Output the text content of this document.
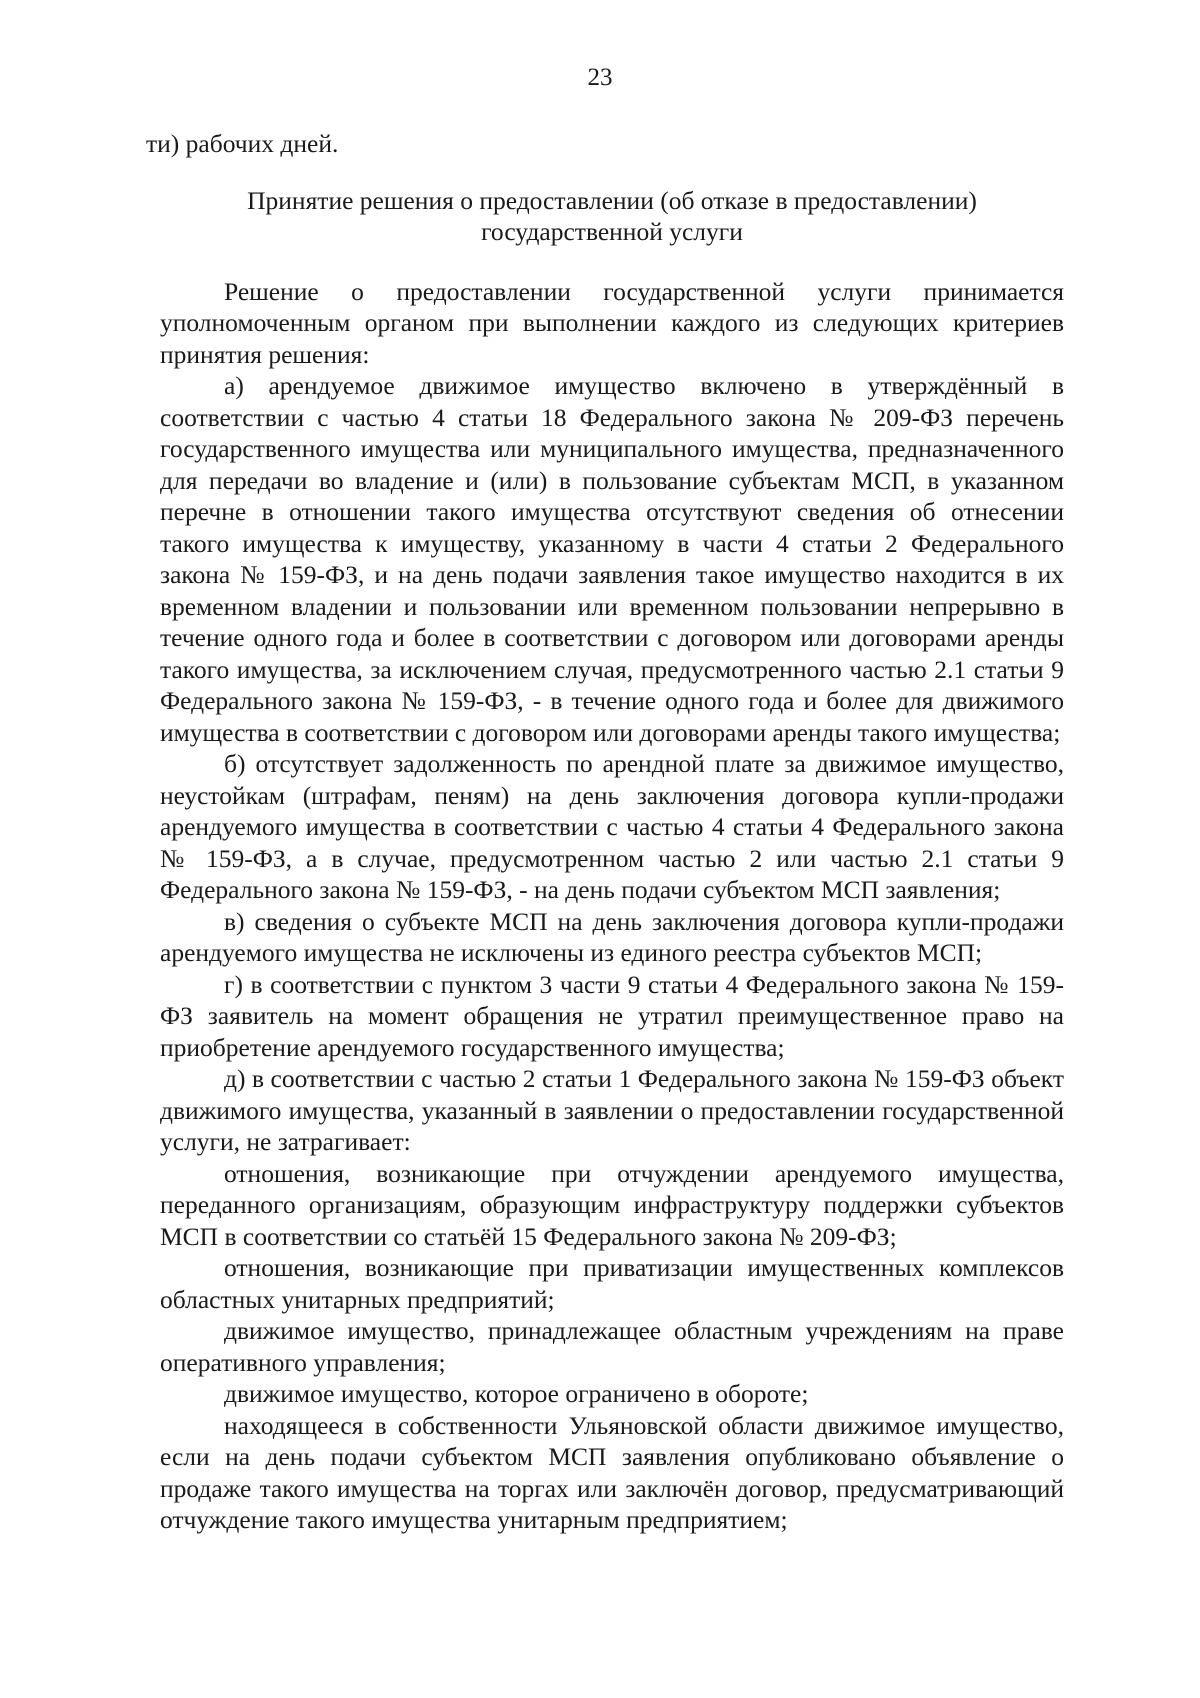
23

ти) рабочих дней.

Принятие решения о предоставлении (об отказе в предоставлении)
государственной услуги

Решение о предоставлении государственной услуги принимается уполномоченным органом при выполнении каждого из следующих критериев принятия решения:

а) арендуемое движимое имущество включено в утверждённый в соответствии с частью 4 статьи 18 Федерального закона № 209-ФЗ перечень государственного имущества или муниципального имущества, предназначенного для передачи во владение и (или) в пользование субъектам МСП, в указанном перечне в отношении такого имущества отсутствуют сведения об отнесении такого имущества к имуществу, указанному в части 4 статьи 2 Федерального закона № 159-ФЗ, и на день подачи заявления такое имущество находится в их временном владении и пользовании или временном пользовании непрерывно в течение одного года и более в соответствии с договором или договорами аренды такого имущества, за исключением случая, предусмотренного частью 2.1 статьи 9 Федерального закона № 159-ФЗ, - в течение одного года и более для движимого имущества в соответствии с договором или договорами аренды такого имущества;

б) отсутствует задолженность по арендной плате за движимое имущество, неустойкам (штрафам, пеням) на день заключения договора купли-продажи арендуемого имущества в соответствии с частью 4 статьи 4 Федерального закона № 159-ФЗ, а в случае, предусмотренном частью 2 или частью 2.1 статьи 9 Федерального закона № 159-ФЗ, - на день подачи субъектом МСП заявления;

в) сведения о субъекте МСП на день заключения договора купли-продажи арендуемого имущества не исключены из единого реестра субъектов МСП;

г) в соответствии с пунктом 3 части 9 статьи 4 Федерального закона № 159-ФЗ заявитель на момент обращения не утратил преимущественное право на приобретение арендуемого государственного имущества;

д) в соответствии с частью 2 статьи 1 Федерального закона № 159-ФЗ объект движимого имущества, указанный в заявлении о предоставлении государственной услуги, не затрагивает:

отношения, возникающие при отчуждении арендуемого имущества, переданного организациям, образующим инфраструктуру поддержки субъектов МСП в соответствии со статьёй 15 Федерального закона № 209-ФЗ;

отношения, возникающие при приватизации имущественных комплексов областных унитарных предприятий;

движимое имущество, принадлежащее областным учреждениям на праве оперативного управления;

движимое имущество, которое ограничено в обороте;

находящееся в собственности Ульяновской области движимое имущество, если на день подачи субъектом МСП заявления опубликовано объявление о продаже такого имущества на торгах или заключён договор, предусматривающий отчуждение такого имущества унитарным предприятием;
